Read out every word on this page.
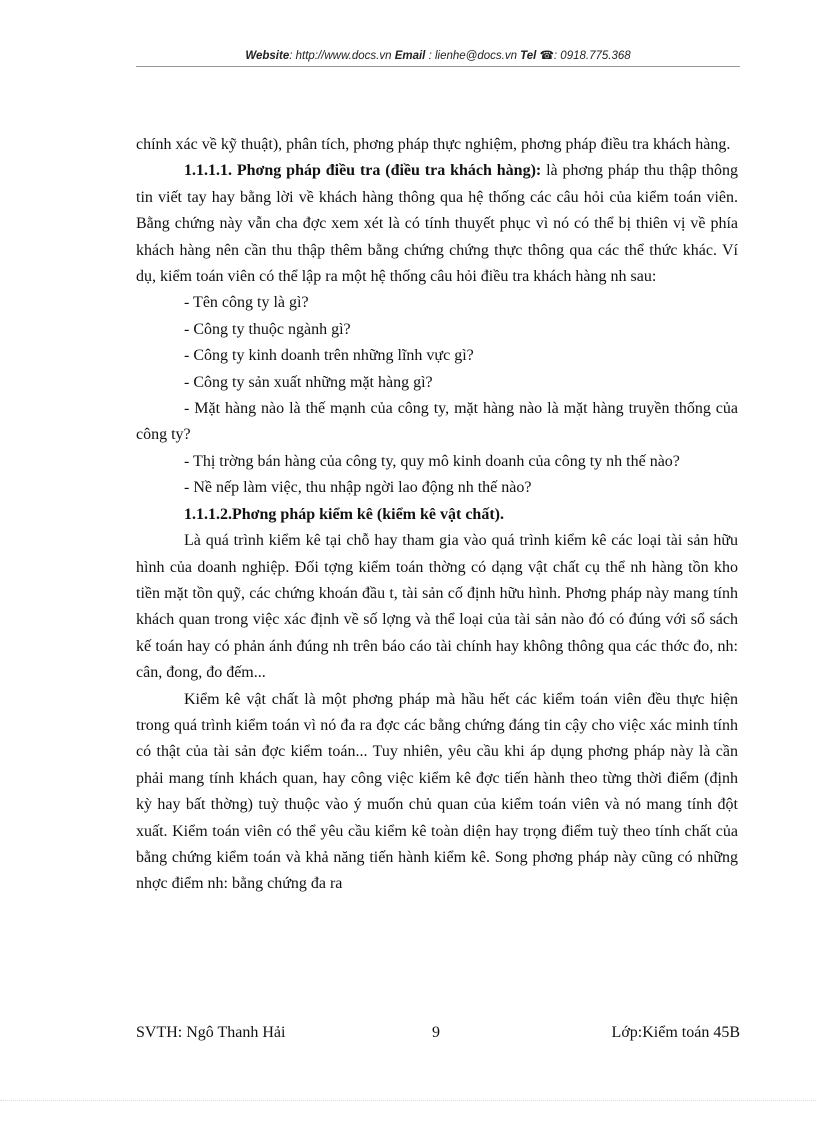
Website: http://www.docs.vn Email : lienhe@docs.vn Tel ☎: 0918.775.368

chính xác về kỹ thuật), phân tích, phơng pháp thực nghiệm, phơng pháp điều tra khách hàng.

1.1.1.1. Phơng pháp điều tra (điều tra khách hàng): là phơng pháp thu thập thông tin viết tay hay bằng lời về khách hàng thông qua hệ thống các câu hỏi của kiểm toán viên. Bằng chứng này vẫn cha đợc xem xét là có tính thuyết phục vì nó có thể bị thiên vị về phía khách hàng nên cần thu thập thêm bằng chứng chứng thực thông qua các thể thức khác. Ví dụ, kiểm toán viên có thể lập ra một hệ thống câu hỏi điều tra khách hàng nh sau:

- Tên công ty là gì?

- Công ty thuộc ngành gì?

- Công ty kinh doanh trên những lĩnh vực gì?

- Công ty sản xuất những mặt hàng gì?

- Mặt hàng nào là thế mạnh của công ty, mặt hàng nào là mặt hàng truyền thống của công ty?

- Thị trờng bán hàng của công ty, quy mô kinh doanh của công ty nh thế nào?

- Nề nếp làm việc, thu nhập ngời lao động nh thế nào?

1.1.1.2.Phơng pháp kiểm kê (kiểm kê vật chất).

Là quá trình kiểm kê tại chỗ hay tham gia vào quá trình kiểm kê các loại tài sản hữu hình của doanh nghiệp. Đối tợng kiểm toán thờng có dạng vật chất cụ thể nh hàng tồn kho tiền mặt tồn quỹ, các chứng khoán đầu t, tài sản cố định hữu hình. Phơng pháp này mang tính khách quan trong việc xác định về số lợng và thể loại của tài sản nào đó có đúng với sổ sách kế toán hay có phản ánh đúng nh trên báo cáo tài chính hay không thông qua các thớc đo, nh: cân, đong, đo đếm...

Kiểm kê vật chất là một phơng pháp mà hầu hết các kiểm toán viên đều thực hiện trong quá trình kiểm toán vì nó đa ra đợc các bằng chứng đáng tin cậy cho việc xác minh tính có thật của tài sản đợc kiểm toán... Tuy nhiên, yêu cầu khi áp dụng phơng pháp này là cần phải mang tính khách quan, hay công việc kiểm kê đợc tiến hành theo từng thời điểm (định kỳ hay bất thờng) tuỳ thuộc vào ý muốn chủ quan của kiểm toán viên và nó mang tính đột xuất. Kiểm toán viên có thể yêu cầu kiểm kê toàn diện hay trọng điểm tuỳ theo tính chất của bằng chứng kiểm toán và khả năng tiến hành kiểm kê. Song phơng pháp này cũng có những nhợc điểm nh: bằng chứng đa ra

SVTH: Ngô Thanh Hải	9	Lớp:Kiểm toán 45B
